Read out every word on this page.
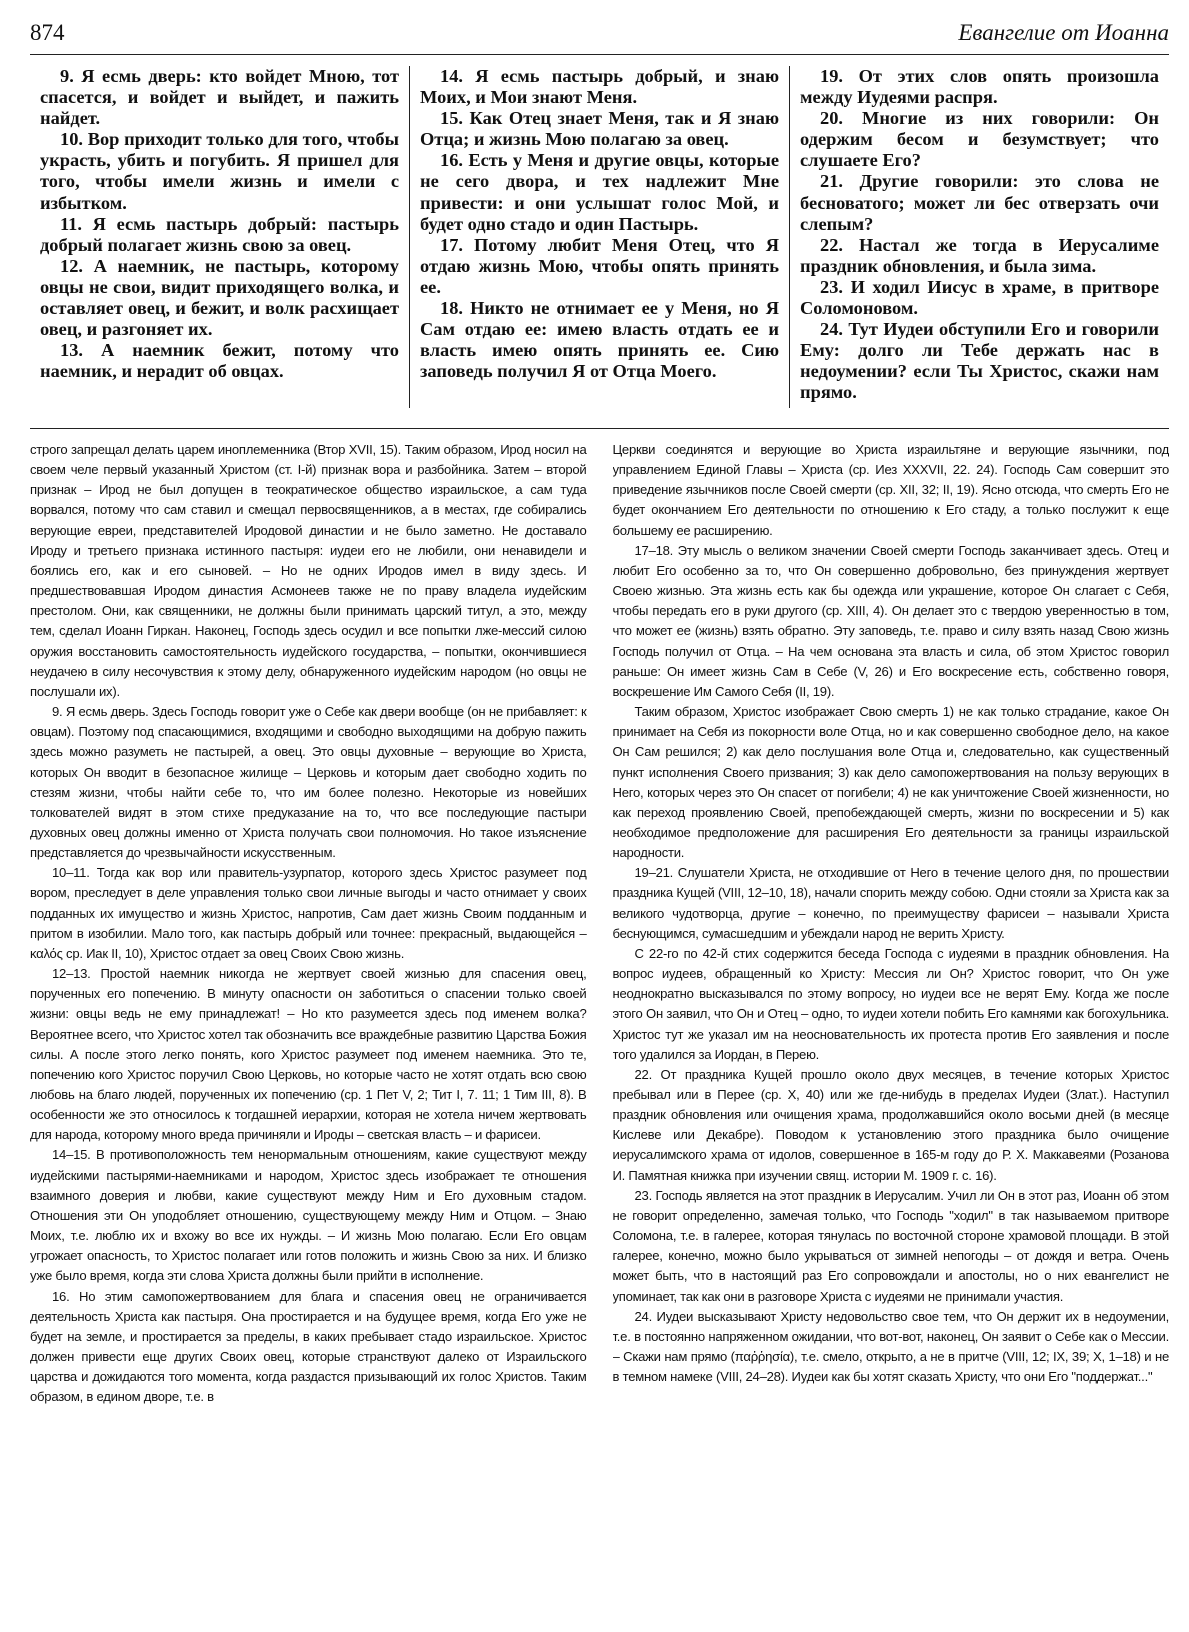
874	Евангелие от Иоанна

9. Я есмь дверь: кто войдет Мною, тот спасется, и войдет и выйдет, и пажить найдет.

10. Вор приходит только для того, чтобы украсть, убить и погубить. Я пришел для того, чтобы имели жизнь и имели с избытком.

11. Я есмь пастырь добрый: пастырь добрый полагает жизнь свою за овец.

12. А наемник, не пастырь, которому овцы не свои, видит приходящего волка, и оставляет овец, и бежит, и волк расхищает овец, и разгоняет их.

13. А наемник бежит, потому что наемник, и нерадит об овцах.

14. Я есмь пастырь добрый, и знаю Моих, и Мои знают Меня.

15. Как Отец знает Меня, так и Я знаю Отца; и жизнь Мою полагаю за овец.

16. Есть у Меня и другие овцы, которые не сего двора, и тех надлежит Мне привести: и они услышат голос Мой, и будет одно стадо и один Пастырь.

17. Потому любит Меня Отец, что Я отдаю жизнь Мою, чтобы опять принять ее.

18. Никто не отнимает ее у Меня, но Я Сам отдаю ее: имею власть отдать ее и власть имею опять принять ее. Сию заповедь получил Я от Отца Моего.

19. От этих слов опять произошла между Иудеями распря.

20. Многие из них говорили: Он одержим бесом и безумствует; что слушаете Его?

21. Другие говорили: это слова не бесноватого; может ли бес отверзать очи слепым?

22. Настал же тогда в Иерусалиме праздник обновления, и была зима.

23. И ходил Иисус в храме, в притворе Соломоновом.

24. Тут Иудеи обступили Его и говорили Ему: долго ли Тебе держать нас в недоумении? если Ты Христос, скажи нам прямо.

строго запрещал делать царем иноплеменника (Втор XVII, 15). Таким образом, Ирод носил на своем челе первый указанный Христом (ст. I-й) признак вора и разбойника. Затем – второй признак – Ирод не был допущен в теократическое общество израильское, а сам туда ворвался, потому что сам ставил и смещал первосвященников, а в местах, где собирались верующие евреи, представителей Иродовой династии и не было заметно. Не доставало Ироду и третьего признака истинного пастыря: иудеи его не любили, они ненавидели и боялись его, как и его сыновей. – Но не одних Иродов имел в виду здесь. И предшествовавшая Иродом династия Асмонеев также не по праву владела иудейским престолом. Они, как священники, не должны были принимать царский титул, а это, между тем, сделал Иоанн Гиркан. Наконец, Господь здесь осудил и все попытки лже-мессий силою оружия восстановить самостоятельность иудейского государства, – попытки, окончившиеся неудачею в силу несочувствия к этому делу, обнаруженного иудейским народом (но овцы не послушали их).

9. Я есмь дверь. Здесь Господь говорит уже о Себе как двери вообще (он не прибавляет: к овцам). Поэтому под спасающимися, входящими и свободно выходящими на добрую пажить здесь можно разуметь не пастырей, а овец. Это овцы духовные – верующие во Христа, которых Он вводит в безопасное жилище – Церковь и которым дает свободно ходить по стезям жизни, чтобы найти себе то, что им более полезно. Некоторые из новейших толкователей видят в этом стихе предуказание на то, что все последующие пастыри духовных овец должны именно от Христа получать свои полномочия. Но такое изъяснение представляется до чрезвычайности искусственным.

10–11. Тогда как вор или правитель-узурпатор, которого здесь Христос разумеет под вором, преследует в деле управления только свои личные выгоды и часто отнимает у своих подданных их имущество и жизнь Христос, напротив, Сам дает жизнь Своим подданным и притом в изобилии. Мало того, как пастырь добрый или точнее: прекрасный, выдающейся – καλός ср. Иак II, 10), Христос отдает за овец Своих Свою жизнь.

12–13. Простой наемник никогда не жертвует своей жизнью для спасения овец, порученных его попечению. В минуту опасности он заботиться о спасении только своей жизни: овцы ведь не ему принадлежат! – Но кто разумеется здесь под именем волка? Вероятнее всего, что Христос хотел так обозначить все враждебные развитию Царства Божия силы. А после этого легко понять, кого Христос разумеет под именем наемника. Это те, попечению кого Христос поручил Свою Церковь, но которые часто не хотят отдать всю свою любовь на благо людей, порученных их попечению (ср. 1 Пет V, 2; Тит I, 7. 11; 1 Тим III, 8). В особенности же это относилось к тогдашней иерархии, которая не хотела ничем жертвовать для народа, которому много вреда причиняли и Ироды – светская власть – и фарисеи.

14–15. В противоположность тем ненормальным отношениям, какие существуют между иудейскими пастырями-наемниками и народом, Христос здесь изображает те отношения взаимного доверия и любви, какие существуют между Ним и Его духовным стадом. Отношения эти Он уподобляет отношению, существующему между Ним и Отцом. – Знаю Моих, т.е. люблю их и вхожу во все их нужды. – И жизнь Мою полагаю. Если Его овцам угрожает опасность, то Христос полагает или готов положить и жизнь Свою за них. И близко уже было время, когда эти слова Христа должны были прийти в исполнение.

16. Но этим самопожертвованием для блага и спасения овец не ограничивается деятельность Христа как пастыря. Она простирается и на будущее время, когда Его уже не будет на земле, и простирается за пределы, в каких пребывает стадо израильское. Христос должен привести еще других Своих овец, которые странствуют далеко от Израильского царства и дожидаются того момента, когда раздастся призывающий их голос Христов. Таким образом, в едином дворе, т.е. в

Церкви соединятся и верующие во Христа израильтяне и верующие язычники, под управлением Единой Главы – Христа (ср. Иез XXXVII, 22. 24). Господь Сам совершит это приведение язычников после Своей смерти (ср. XII, 32; II, 19). Ясно отсюда, что смерть Его не будет окончанием Его деятельности по отношению к Его стаду, а только послужит к еще большему ее расширению.

17–18. Эту мысль о великом значении Своей смерти Господь заканчивает здесь. Отец и любит Его особенно за то, что Он совершенно добровольно, без принуждения жертвует Своею жизнью. Эта жизнь есть как бы одежда или украшение, которое Он слагает с Себя, чтобы передать его в руки другого (ср. XIII, 4). Он делает это с твердою уверенностью в том, что может ее (жизнь) взять обратно. Эту заповедь, т.е. право и силу взять назад Свою жизнь Господь получил от Отца. – На чем основана эта власть и сила, об этом Христос говорил раньше: Он имеет жизнь Сам в Себе (V, 26) и Его воскресение есть, собственно говоря, воскрешение Им Самого Себя (II, 19).

Таким образом, Христос изображает Свою смерть 1) не как только страдание, какое Он принимает на Себя из покорности воле Отца, но и как совершенно свободное дело, на какое Он Сам решился; 2) как дело послушания воле Отца и, следовательно, как существенный пункт исполнения Своего призвания; 3) как дело самопожертвования на пользу верующих в Него, которых через это Он спасет от погибели; 4) не как уничтожение Своей жизненности, но как переход проявлению Своей, препобеждающей смерть, жизни по воскресении и 5) как необходимое предположение для расширения Его деятельности за границы израильской народности.

19–21. Слушатели Христа, не отходившие от Него в течение целого дня, по прошествии праздника Кущей (VIII, 12–10, 18), начали спорить между собою. Одни стояли за Христа как за великого чудотворца, другие – конечно, по преимуществу фарисеи – называли Христа беснующимся, сумасшедшим и убеждали народ не верить Христу.

С 22-го по 42-й стих содержится беседа Господа с иудеями в праздник обновления. На вопрос иудеев, обращенный ко Христу: Мессия ли Он? Христос говорит, что Он уже неоднократно высказывался по этому вопросу, но иудеи все не верят Ему. Когда же после этого Он заявил, что Он и Отец – одно, то иудеи хотели побить Его камнями как богохульника. Христос тут же указал им на неосновательность их протеста против Его заявления и после того удалился за Иордан, в Перею.

22. От праздника Кущей прошло около двух месяцев, в течение которых Христос пребывал или в Перее (ср. X, 40) или же где-нибудь в пределах Иудеи (Злат.). Наступил праздник обновления или очищения храма, продолжавшийся около восьми дней (в месяце Кислеве или Декабре). Поводом к установлению этого праздника было очищение иерусалимского храма от идолов, совершенное в 165-м году до Р. Х. Маккавеями (Розанова И. Памятная книжка при изучении свящ. истории М. 1909 г. с. 16).

23. Господь является на этот праздник в Иерусалим. Учил ли Он в этот раз, Иоанн об этом не говорит определенно, замечая только, что Господь "ходил" в так называемом притворе Соломона, т.е. в галерее, которая тянулась по восточной стороне храмовой площади. В этой галерее, конечно, можно было укрываться от зимней непогоды – от дождя и ветра. Очень может быть, что в настоящий раз Его сопровождали и апостолы, но о них евангелист не упоминает, так как они в разговоре Христа с иудеями не принимали участия.

24. Иудеи высказывают Христу недовольство свое тем, что Он держит их в недоумении, т.е. в постоянно напряженном ожидании, что вот-вот, наконец, Он заявит о Себе как о Мессии. – Скажи нам прямо (παῤῥησία), т.е. смело, открыто, а не в притче (VIII, 12; IX, 39; X, 1–18) и не в темном намеке (VIII, 24–28). Иудеи как бы хотят сказать Христу, что они Его "поддержат..."
